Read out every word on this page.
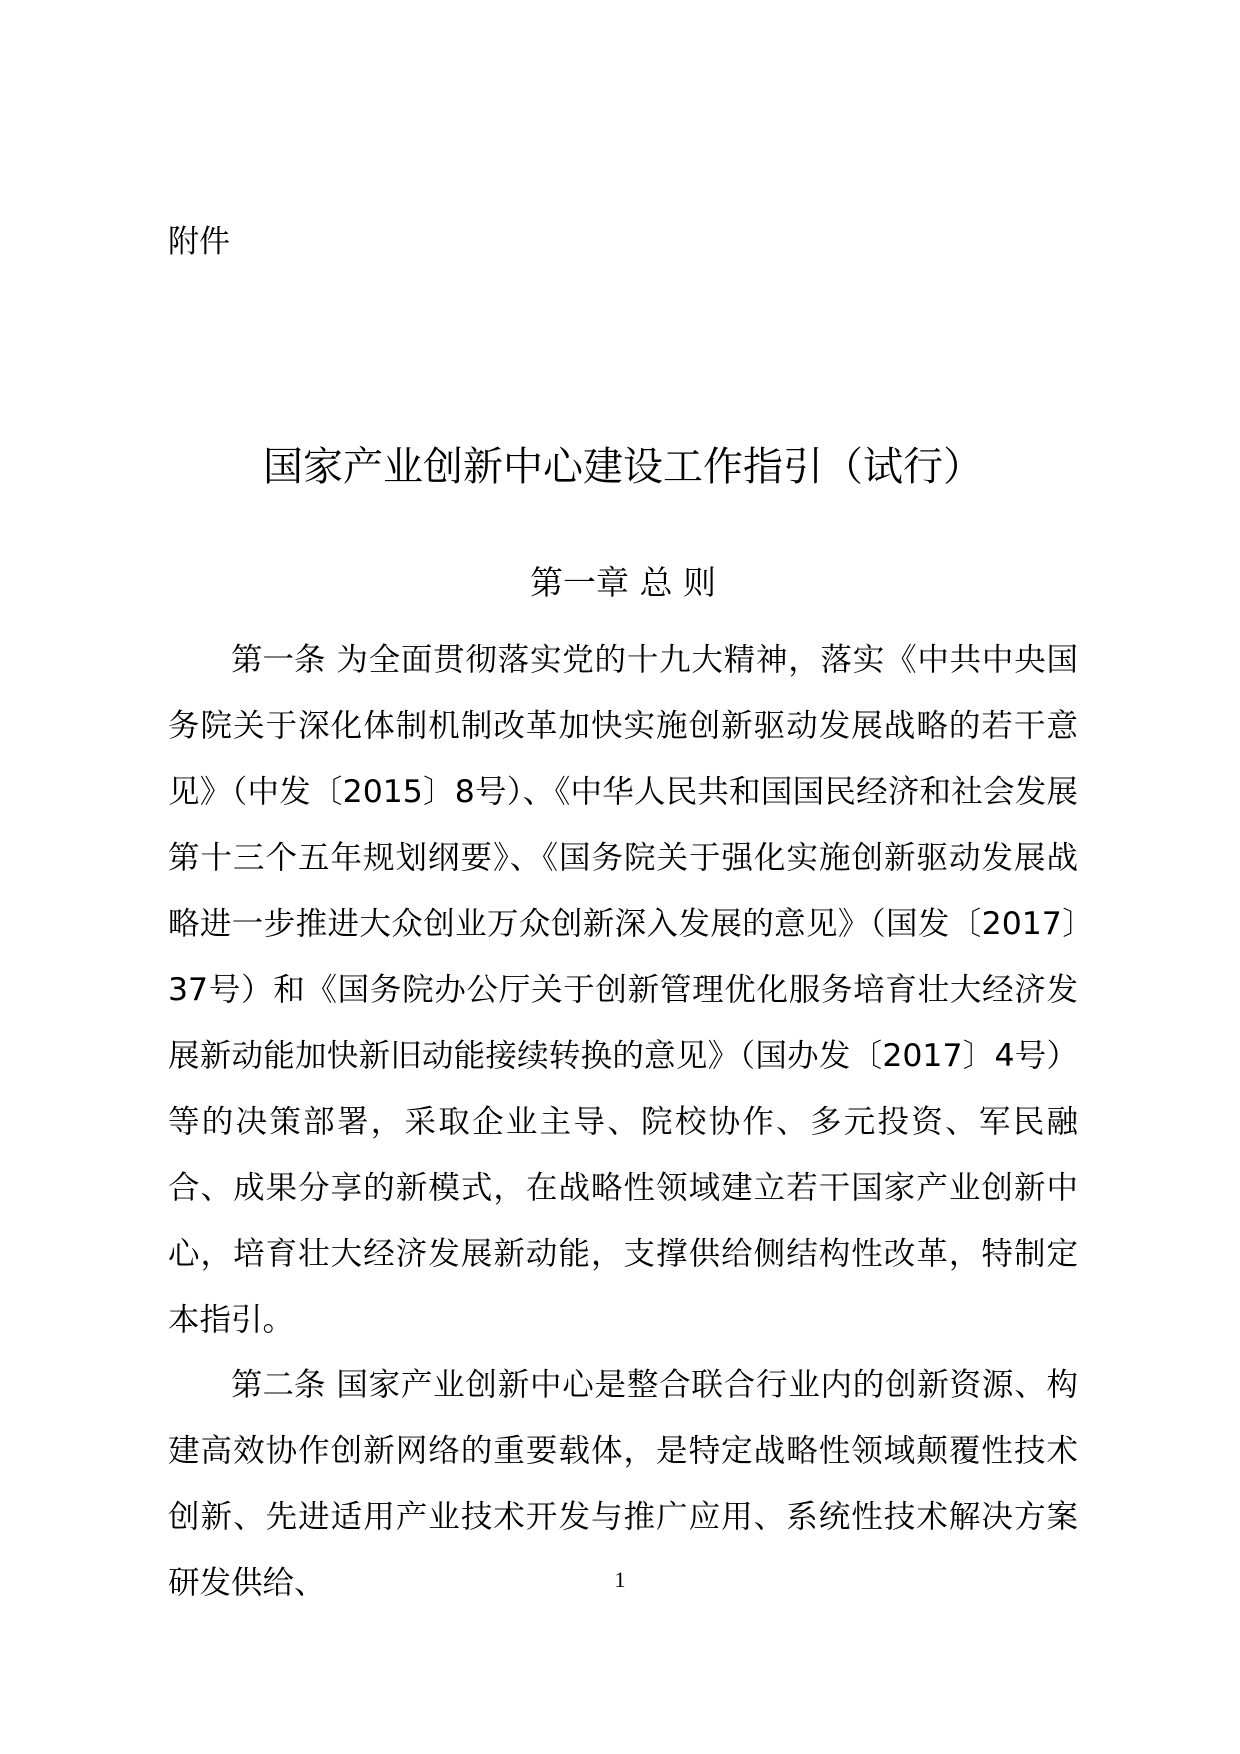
附件
国家产业创新中心建设工作指引（试行）
第一章 总 则

第一条 为全面贯彻落实党的十九大精神，落实《中共中央国务院关于深化体制机制改革加快实施创新驱动发展战略的若干意见》（中发〔2015〕8号）、《中华人民共和国国民经济和社会发展第十三个五年规划纲要》、《国务院关于强化实施创新驱动发展战略进一步推进大众创业万众创新深入发展的意见》（国发〔2017〕37号）和《国务院办公厅关于创新管理优化服务培育壮大经济发展新动能加快新旧动能接续转换的意见》（国办发〔2017〕4号）等的决策部署，采取企业主导、院校协作、多元投资、军民融合、成果分享的新模式，在战略性领域建立若干国家产业创新中心，培育壮大经济发展新动能，支撑供给侧结构性改革，特制定本指引。

第二条 国家产业创新中心是整合联合行业内的创新资源、构建高效协作创新网络的重要载体，是特定战略性领域颠覆性技术创新、先进适用产业技术开发与推广应用、系统性技术解决方案研发供给、	1
